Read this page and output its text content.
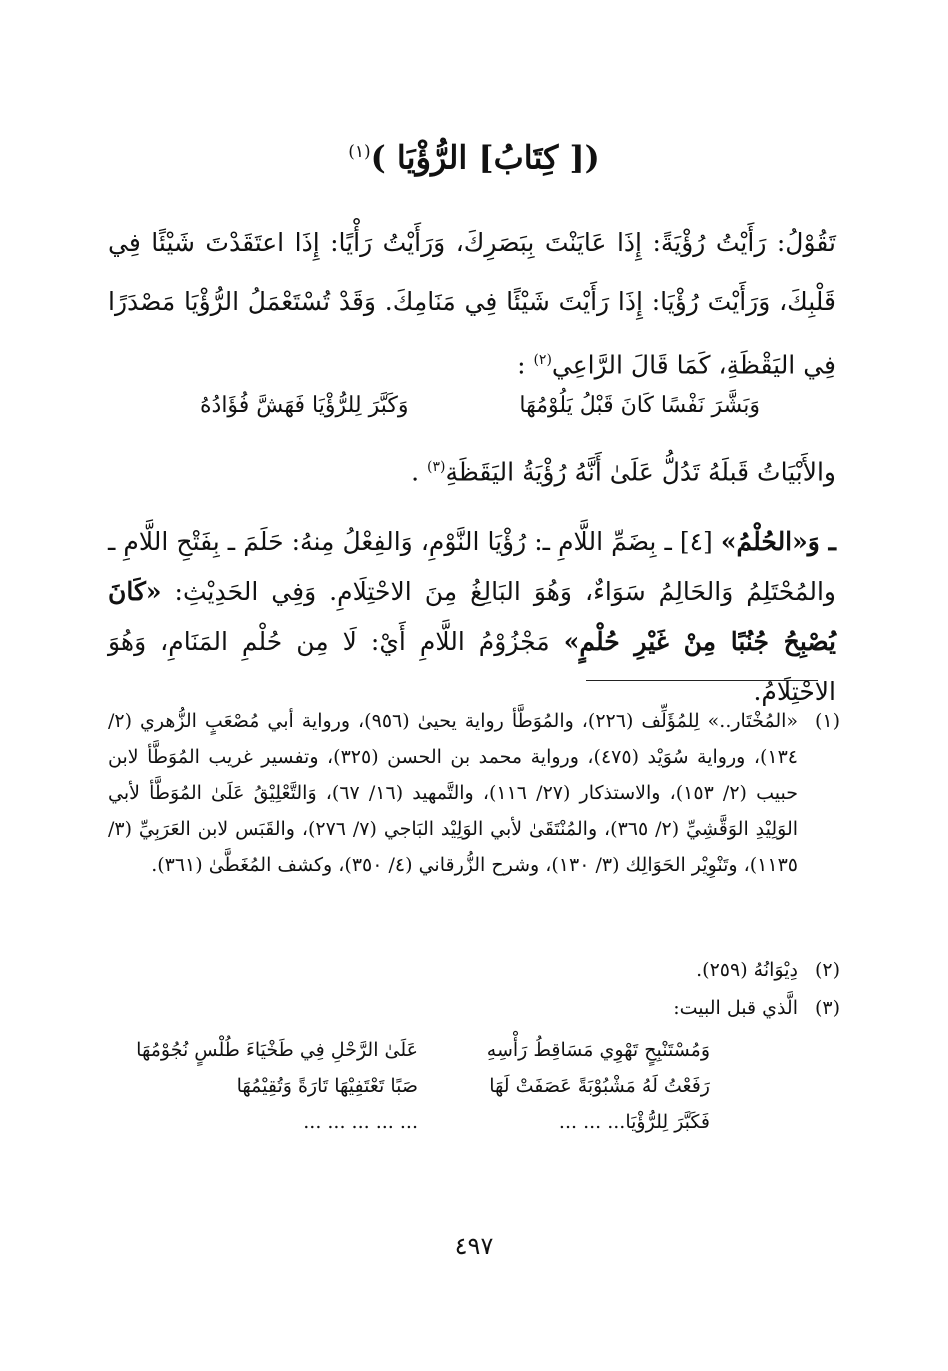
([ كِتَابُ] الرُّؤْيَا )$^{(١)}$

تَقُوْلُ: رَأَيْتُ رُؤْيَةً: إِذَا عَايَنْتَ بِبَصَرِكَ، وَرَأَيْتُ رَأْيًا: إِذَا اعتَقَدْتَ شَيْئًا فِي قَلْبِكَ، وَرَأَيْتَ رُؤْيَا: إِذَا رَأَيْتَ شَيْئًا فِي مَنَامِكَ. وَقَدْ تُسْتَعْمَلُ الرُّؤْيَا مَصْدَرًا فِي اليَقْظَةِ، كَمَا قَالَ الرَّاعِي$^{(٢)}$ :

وَبَشَّرَ نَفْسًا كَانَ قَبْلُ يَلُوْمُهَا
وَكَبَّرَ لِلرُّؤْيَا فَهَشَّ فُؤَادُهُ

والأَبْيَاتُ قَبلَهُ تَدُلُّ عَلَىٰ أَنَّهُ رُؤْيَةُ اليَقَظَةِ$^{(٣)}$ .

ـ وَ«الحُلْمُ» [٤] ـ بِضَمِّ اللَّامِ ـ: رُؤْيَا النَّوْمِ، وَالفِعْلُ مِنهُ: حَلَمَ ـ بِفَتْحِ اللَّامِ ـ والمُحْتَلِمُ وَالحَالِمُ سَوَاءٌ، وَهُوَ البَالِغُ مِنَ الاحْتِلَامِ. وَفِي الحَدِيْثِ: «كَانَ يُصْبِحُ جُنُبًا مِنْ غَيْرِ حُلْمٍ» مَجْزُوْمُ اللَّامِ أَيْ: لَا مِن حُلْمِ المَنَامِ، وَهُوَ الاحْتِلَامُ.

(١)
«المُخْتَار..» لِلمُؤَلِّف (٢٢٦)، والمُوَطَّأ رواية يحيىٰ (٩٥٦)، ورواية أبي مُصْعَبٍ الزُّهري (٢/ ١٣٤)، ورواية سُوَيْد (٤٧٥)، ورواية محمد بن الحسن (٣٢٥)، وتفسير غريب المُوَطَّأ لابن حبيب (٢/ ١٥٣)، والاستذكار (٢٧/ ١١٦)، والتَّمهيد (١٦/ ٦٧)، وَالتَّعْلِيْقُ عَلَىٰ المُوَطَّأ لأبي الوَلِيْدِ الوَقَّشِيِّ (٢/ ٣٦٥)، والمُنْتَقَىٰ لأبي الوَلِيْد البَاجي (٧/ ٢٧٦)، والقَبَس لابن العَرَبِيِّ (٣/ ١١٣٥)، وتَنْوِيْر الحَوَالِك (٣/ ١٣٠)، وشرح الزُّرقاني (٤/ ٣٥٠)، وكشف المُغَطَّىٰ (٣٦١).
(٢)
دِيْوَانُهُ (٢٥٩).
(٣)
الَّذي قبل البيت:
وَمُسْتَنْبِحٍ تَهْوِي مَسَاقِطُ رَأْسِهِ
عَلَىٰ الرَّحْلِ فِي طَخْيَاءَ طُلْسٍ نُجُوْمُهَا
رَفَعْتُ لَهُ مَشْبُوْبَةً عَصَفَتْ لَهَا
صَبًا تَعْتَفِيْهَا تَارَةً وَتُقِيْمُهَا
فَكَبَّرَ لِلرُّؤْيَا... ... ...
... ... ... ... ...
٤٩٧
